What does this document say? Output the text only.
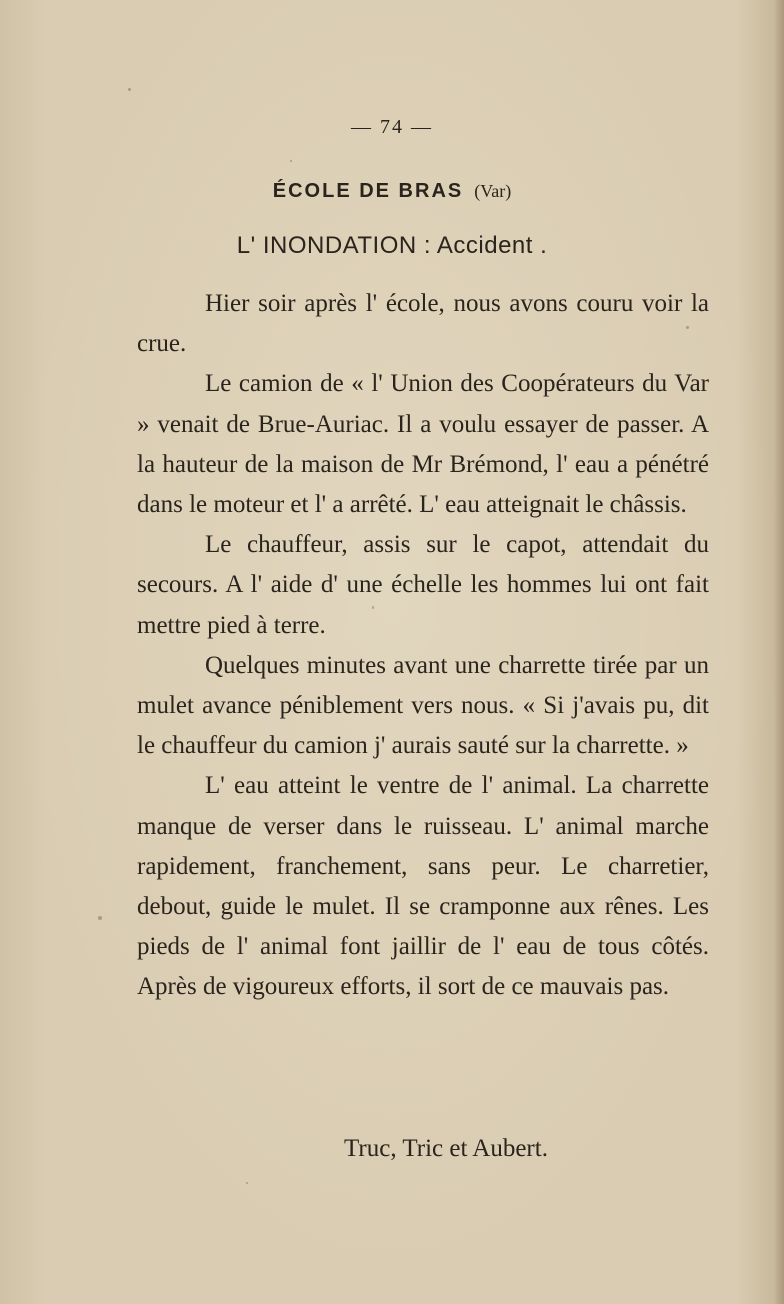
— 74 —
ÉCOLE DE BRAS (Var)
L' INONDATION : Accident .

Hier soir après l' école, nous avons couru voir la crue.

Le camion de « l' Union des Coopérateurs du Var » venait de Brue-Auriac. Il a voulu essayer de passer. A la hauteur de la maison de Mr Brémond, l' eau a pénétré dans le moteur et l' a arrêté. L' eau atteignait le châssis.

Le chauffeur, assis sur le capot, attendait du secours. A l' aide d' une échelle les hommes lui ont fait mettre pied à terre.

Quelques minutes avant une charrette tirée par un mulet avance péniblement vers nous. « Si j'avais pu, dit le chauffeur du camion j' aurais sauté sur la charrette. »

L' eau atteint le ventre de l' animal. La charrette manque de verser dans le ruisseau. L' animal marche rapidement, franchement, sans peur. Le charretier, debout, guide le mulet. Il se cramponne aux rênes. Les pieds de l' animal font jaillir de l' eau de tous côtés. Après de vigoureux efforts, il sort de ce mauvais pas.

Truc, Tric et Aubert.
